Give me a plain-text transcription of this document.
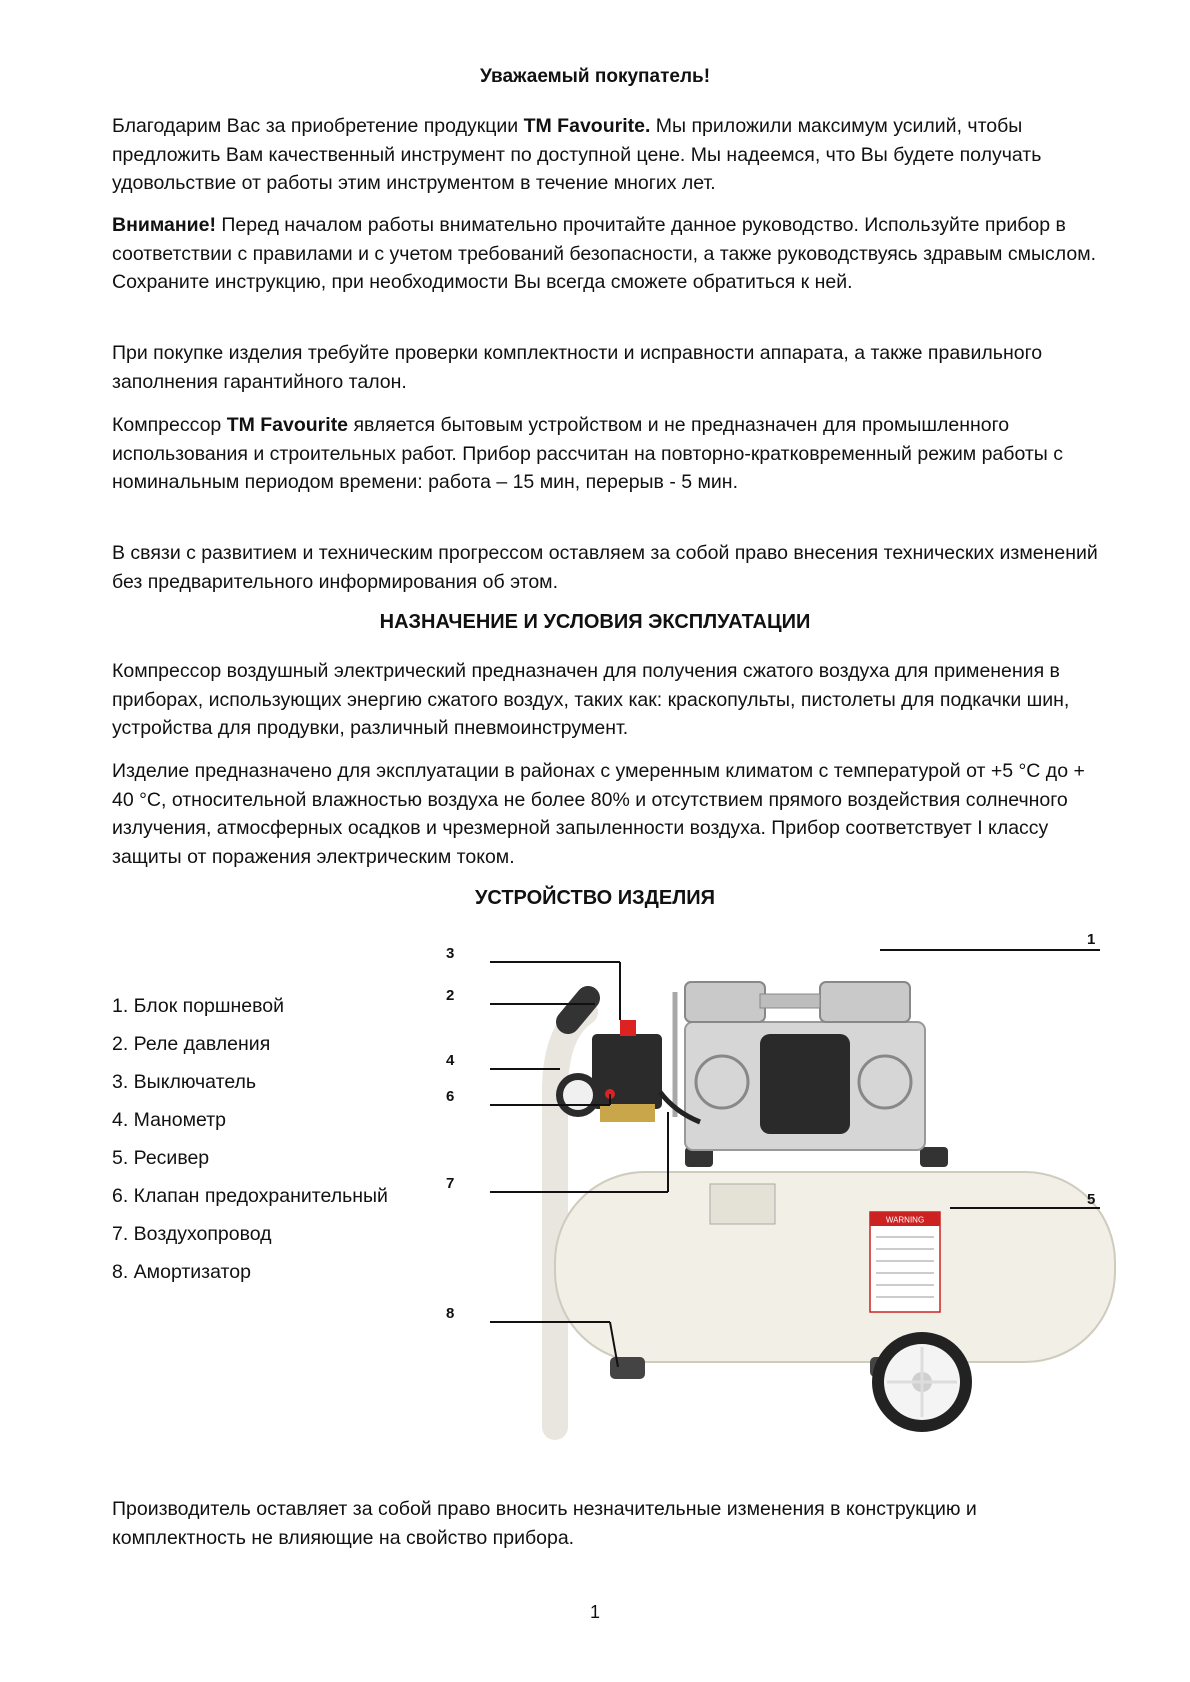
Уважаемый покупатель!

Благодарим Вас за приобретение продукции ТМ Favourite. Мы приложили максимум усилий, чтобы предложить Вам качественный инструмент по доступной цене. Мы надеемся, что Вы будете получать удовольствие от работы этим инструментом в течение многих лет.

Внимание! Перед началом работы внимательно прочитайте данное руководство. Используйте прибор в соответствии с правилами и с учетом требований безопасности, а также руководствуясь здравым смыслом. Сохраните инструкцию, при необходимости Вы всегда сможете обратиться к ней.

При покупке изделия требуйте проверки комплектности и исправности аппарата, а также правильного заполнения гарантийного талон.

Компрессор ТМ Favourite является бытовым устройством и не предназначен для промышленного использования и строительных работ. Прибор рассчитан на повторно-кратковременный режим работы с номинальным периодом времени: работа – 15 мин, перерыв - 5 мин.

В связи с развитием и техническим прогрессом оставляем за собой право внесения технических изменений без предварительного информирования об этом.

НАЗНАЧЕНИЕ И УСЛОВИЯ ЭКСПЛУАТАЦИИ

Компрессор воздушный электрический предназначен для получения сжатого воздуха для применения в приборах, использующих энергию сжатого воздух, таких как: краскопульты, пистолеты для подкачки шин, устройства для продувки, различный пневмоинструмент.

Изделие предназначено для эксплуатации в районах с умеренным климатом с температурой от +5 °С до + 40 °С, относительной влажностью воздуха не более 80% и отсутствием прямого воздействия солнечного излучения, атмосферных осадков и чрезмерной запыленности воздуха. Прибор соответствует I классу защиты от поражения электрическим током.

УСТРОЙСТВО ИЗДЕЛИЯ
1. Блок поршневой
2. Реле давления
3. Выключатель
4. Манометр
5. Ресивер
6. Клапан предохранительный
7. Воздухопровод
8. Амортизатор
WARNING
1
2
3
4
5
6
7
8

Производитель оставляет за собой право вносить незначительные изменения в конструкцию и комплектность не влияющие на свойство прибора.

1
